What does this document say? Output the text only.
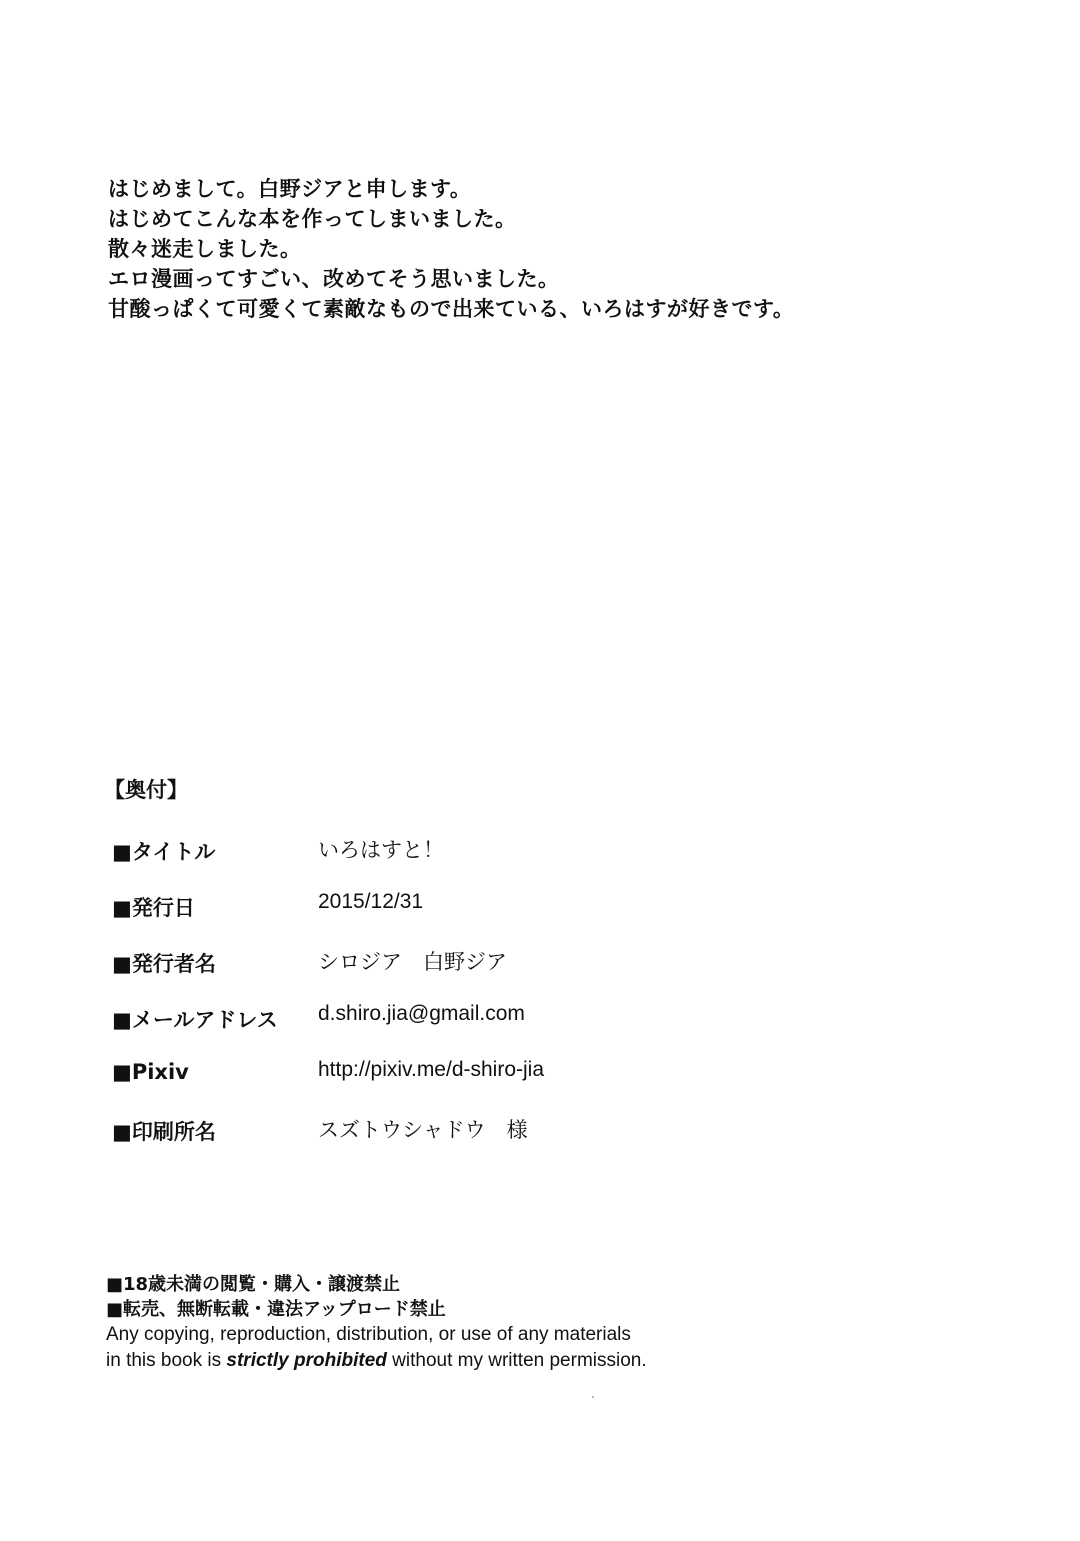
はじめまして。白野ジアと申します。
はじめてこんな本を作ってしまいました。
散々迷走しました。
エロ漫画ってすごい、改めてそう思いました。
甘酸っぱくて可愛くて素敵なもので出来ている、いろはすが好きです。
【奥付】
■タイトル	いろはすと！
■発行日	2015/12/31
■発行者名	シロジア　白野ジア
■メールアドレス d.shiro.jia@gmail.com
■Pixiv	http://pixiv.me/d-shiro-jia
■印刷所名	スズトウシャドウ　様
■18歳未満の閲覧・購入・譲渡禁止
■転売、無断転載・違法アップロード禁止
Any copying, reproduction, distribution, or use of any materials
in this book is strictly prohibited without my written permission.
